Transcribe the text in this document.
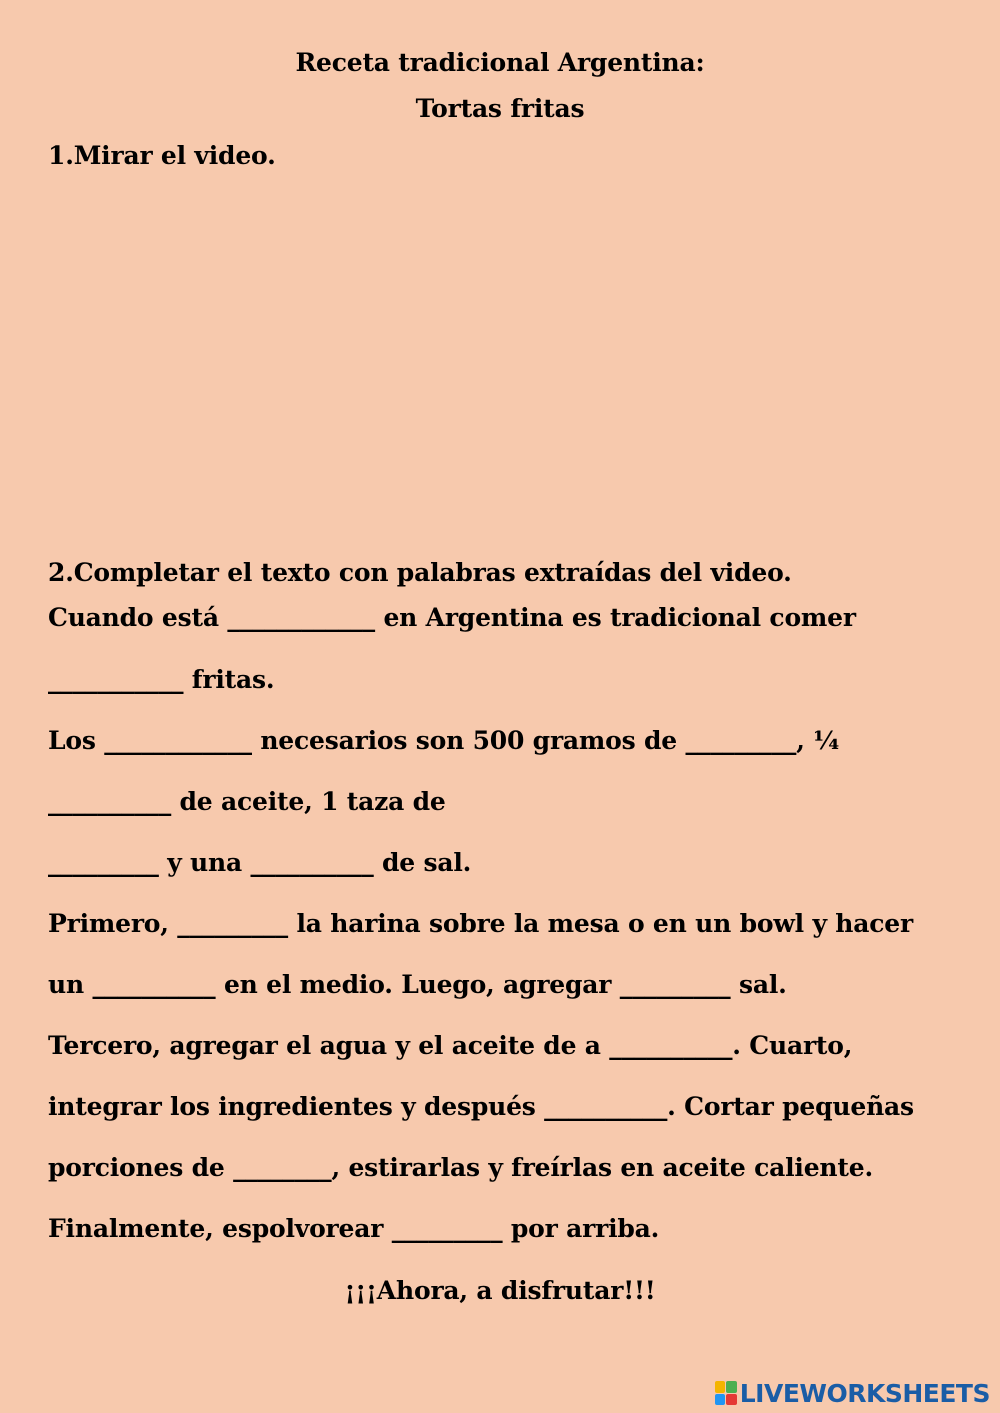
Receta tradicional Argentina:
Tortas fritas
1.Mirar el video.
2.Completar el texto con palabras extraídas del video.
Cuando está ____________ en Argentina es tradicional comer
___________ fritas.
Los ____________ necesarios son 500 gramos de _________, ¼
__________ de aceite, 1 taza de
_________ y una __________ de sal.
Primero, _________ la harina sobre la mesa o en un bowl y hacer
un __________ en el medio. Luego, agregar _________ sal.
Tercero, agregar el agua y el aceite de a __________. Cuarto,
integrar los ingredientes y después __________. Cortar pequeñas
porciones de ________, estirarlas y freírlas en aceite caliente.
Finalmente, espolvorear _________ por arriba.
¡¡¡Ahora, a disfrutar!!!
LIVEWORKSHEETS
